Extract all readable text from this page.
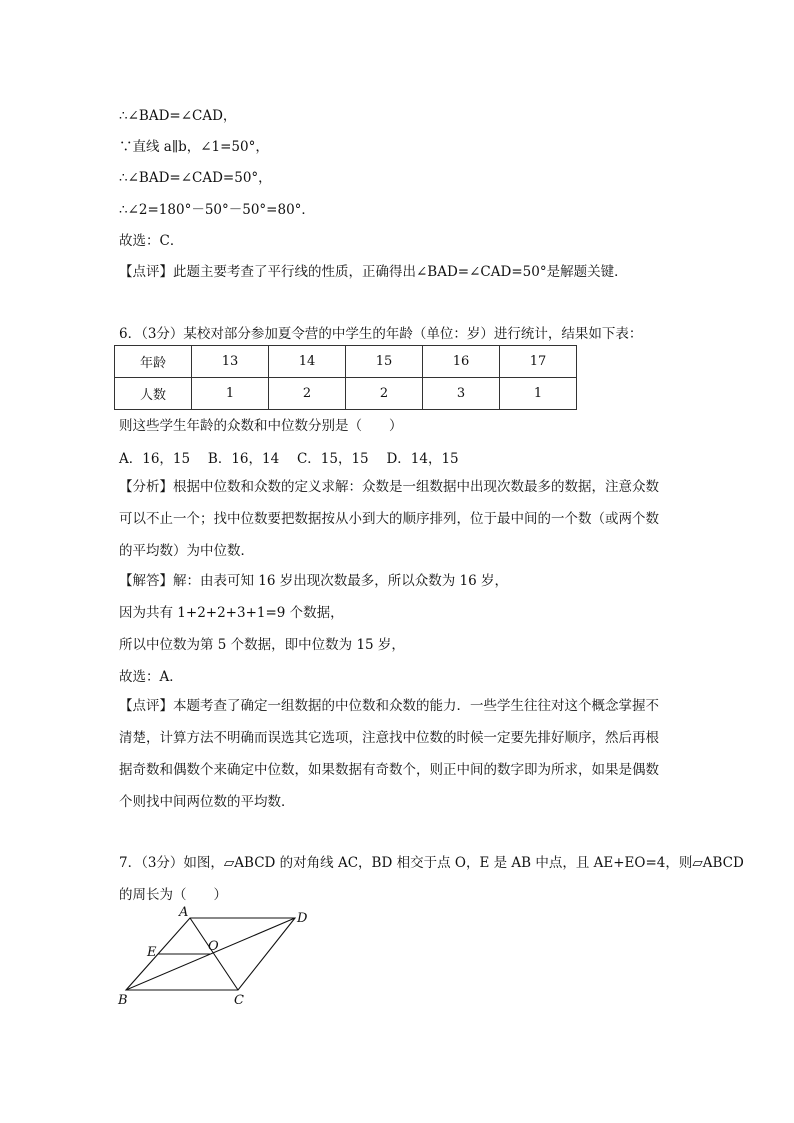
∴∠BAD=∠CAD，
∵直线 a∥b，∠1=50°，
∴∠BAD=∠CAD=50°，
∴∠2=180°－50°－50°=80°．
故选：C．
【点评】此题主要考查了平行线的性质，正确得出∠BAD=∠CAD=50°是解题关键．
6．（3分）某校对部分参加夏令营的中学生的年龄（单位：岁）进行统计，结果如下表：
年龄	13	14	15	16	17
人数	1	2	2	3	1
则这些学生年龄的众数和中位数分别是（　　）
A．16，15　 B．16，14　 C．15，15　 D．14，15
【分析】根据中位数和众数的定义求解：众数是一组数据中出现次数最多的数据，注意众数
可以不止一个；找中位数要把数据按从小到大的顺序排列，位于最中间的一个数（或两个数
的平均数）为中位数．
【解答】解：由表可知 16 岁出现次数最多，所以众数为 16 岁，
因为共有 1+2+2+3+1=9 个数据，
所以中位数为第 5 个数据，即中位数为 15 岁，
故选：A．
【点评】本题考查了确定一组数据的中位数和众数的能力．一些学生往往对这个概念掌握不
清楚，计算方法不明确而误选其它选项，注意找中位数的时候一定要先排好顺序，然后再根
据奇数和偶数个来确定中位数，如果数据有奇数个，则正中间的数字即为所求，如果是偶数
个则找中间两位数的平均数．
7．（3分）如图，▱ABCD 的对角线 AC，BD 相交于点 O，E 是 AB 中点，且 AE+EO=4，则▱ABCD
的周长为（　　）
A	D
E	O
B	C
